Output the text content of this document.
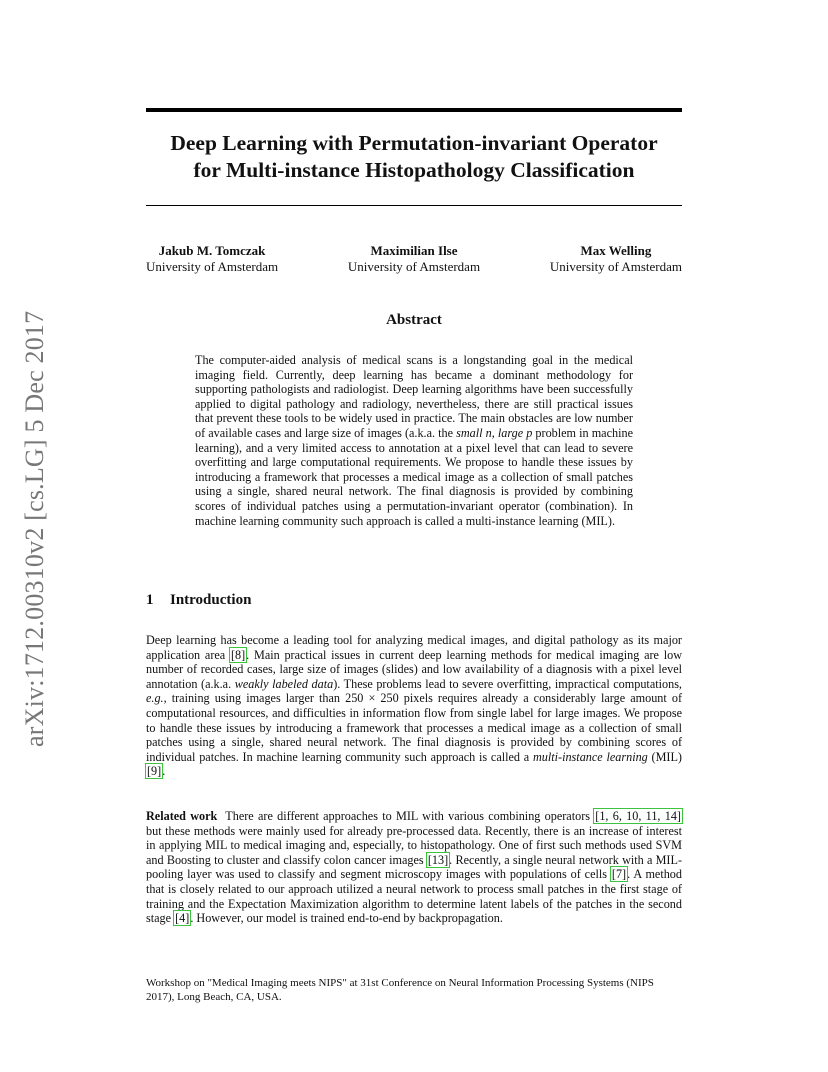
arXiv:1712.00310v2 [cs.LG] 5 Dec 2017
Deep Learning with Permutation-invariant Operator
for Multi-instance Histopathology Classification
Jakub M. Tomczak
University of Amsterdam
Maximilian Ilse
University of Amsterdam
Max Welling
University of Amsterdam
Abstract

The computer-aided analysis of medical scans is a longstanding goal in the medical imaging field. Currently, deep learning has became a dominant methodology for supporting pathologists and radiologist. Deep learning algorithms have been successfully applied to digital pathology and radiology, nevertheless, there are still practical issues that prevent these tools to be widely used in practice. The main obstacles are low number of available cases and large size of images (a.k.a. the small n, large p problem in machine learning), and a very limited access to annotation at a pixel level that can lead to severe overfitting and large computational requirements. We propose to handle these issues by introducing a framework that processes a medical image as a collection of small patches using a single, shared neural network. The final diagnosis is provided by combining scores of individual patches using a permutation-invariant operator (combination). In machine learning community such approach is called a multi-instance learning (MIL).

1 Introduction

Deep learning has become a leading tool for analyzing medical images, and digital pathology as its major application area [8]. Main practical issues in current deep learning methods for medical imaging are low number of recorded cases, large size of images (slides) and low availability of a diagnosis with a pixel level annotation (a.k.a. weakly labeled data). These problems lead to severe overfitting, impractical computations, e.g., training using images larger than 250 × 250 pixels requires already a considerably large amount of computational resources, and difficulties in information flow from single label for large images. We propose to handle these issues by introducing a framework that processes a medical image as a collection of small patches using a single, shared neural network. The final diagnosis is provided by combining scores of individual patches. In machine learning community such approach is called a multi-instance learning (MIL) [9].

Related work There are different approaches to MIL with various combining operators [1, 6, 10, 11, 14] but these methods were mainly used for already pre-processed data. Recently, there is an increase of interest in applying MIL to medical imaging and, especially, to histopathology. One of first such methods used SVM and Boosting to cluster and classify colon cancer images [13]. Recently, a single neural network with a MIL-pooling layer was used to classify and segment microscopy images with populations of cells [7]. A method that is closely related to our approach utilized a neural network to process small patches in the first stage of training and the Expectation Maximization algorithm to determine latent labels of the patches in the second stage [4]. However, our model is trained end-to-end by backpropagation.

Workshop on "Medical Imaging meets NIPS" at 31st Conference on Neural Information Processing Systems (NIPS 2017), Long Beach, CA, USA.
